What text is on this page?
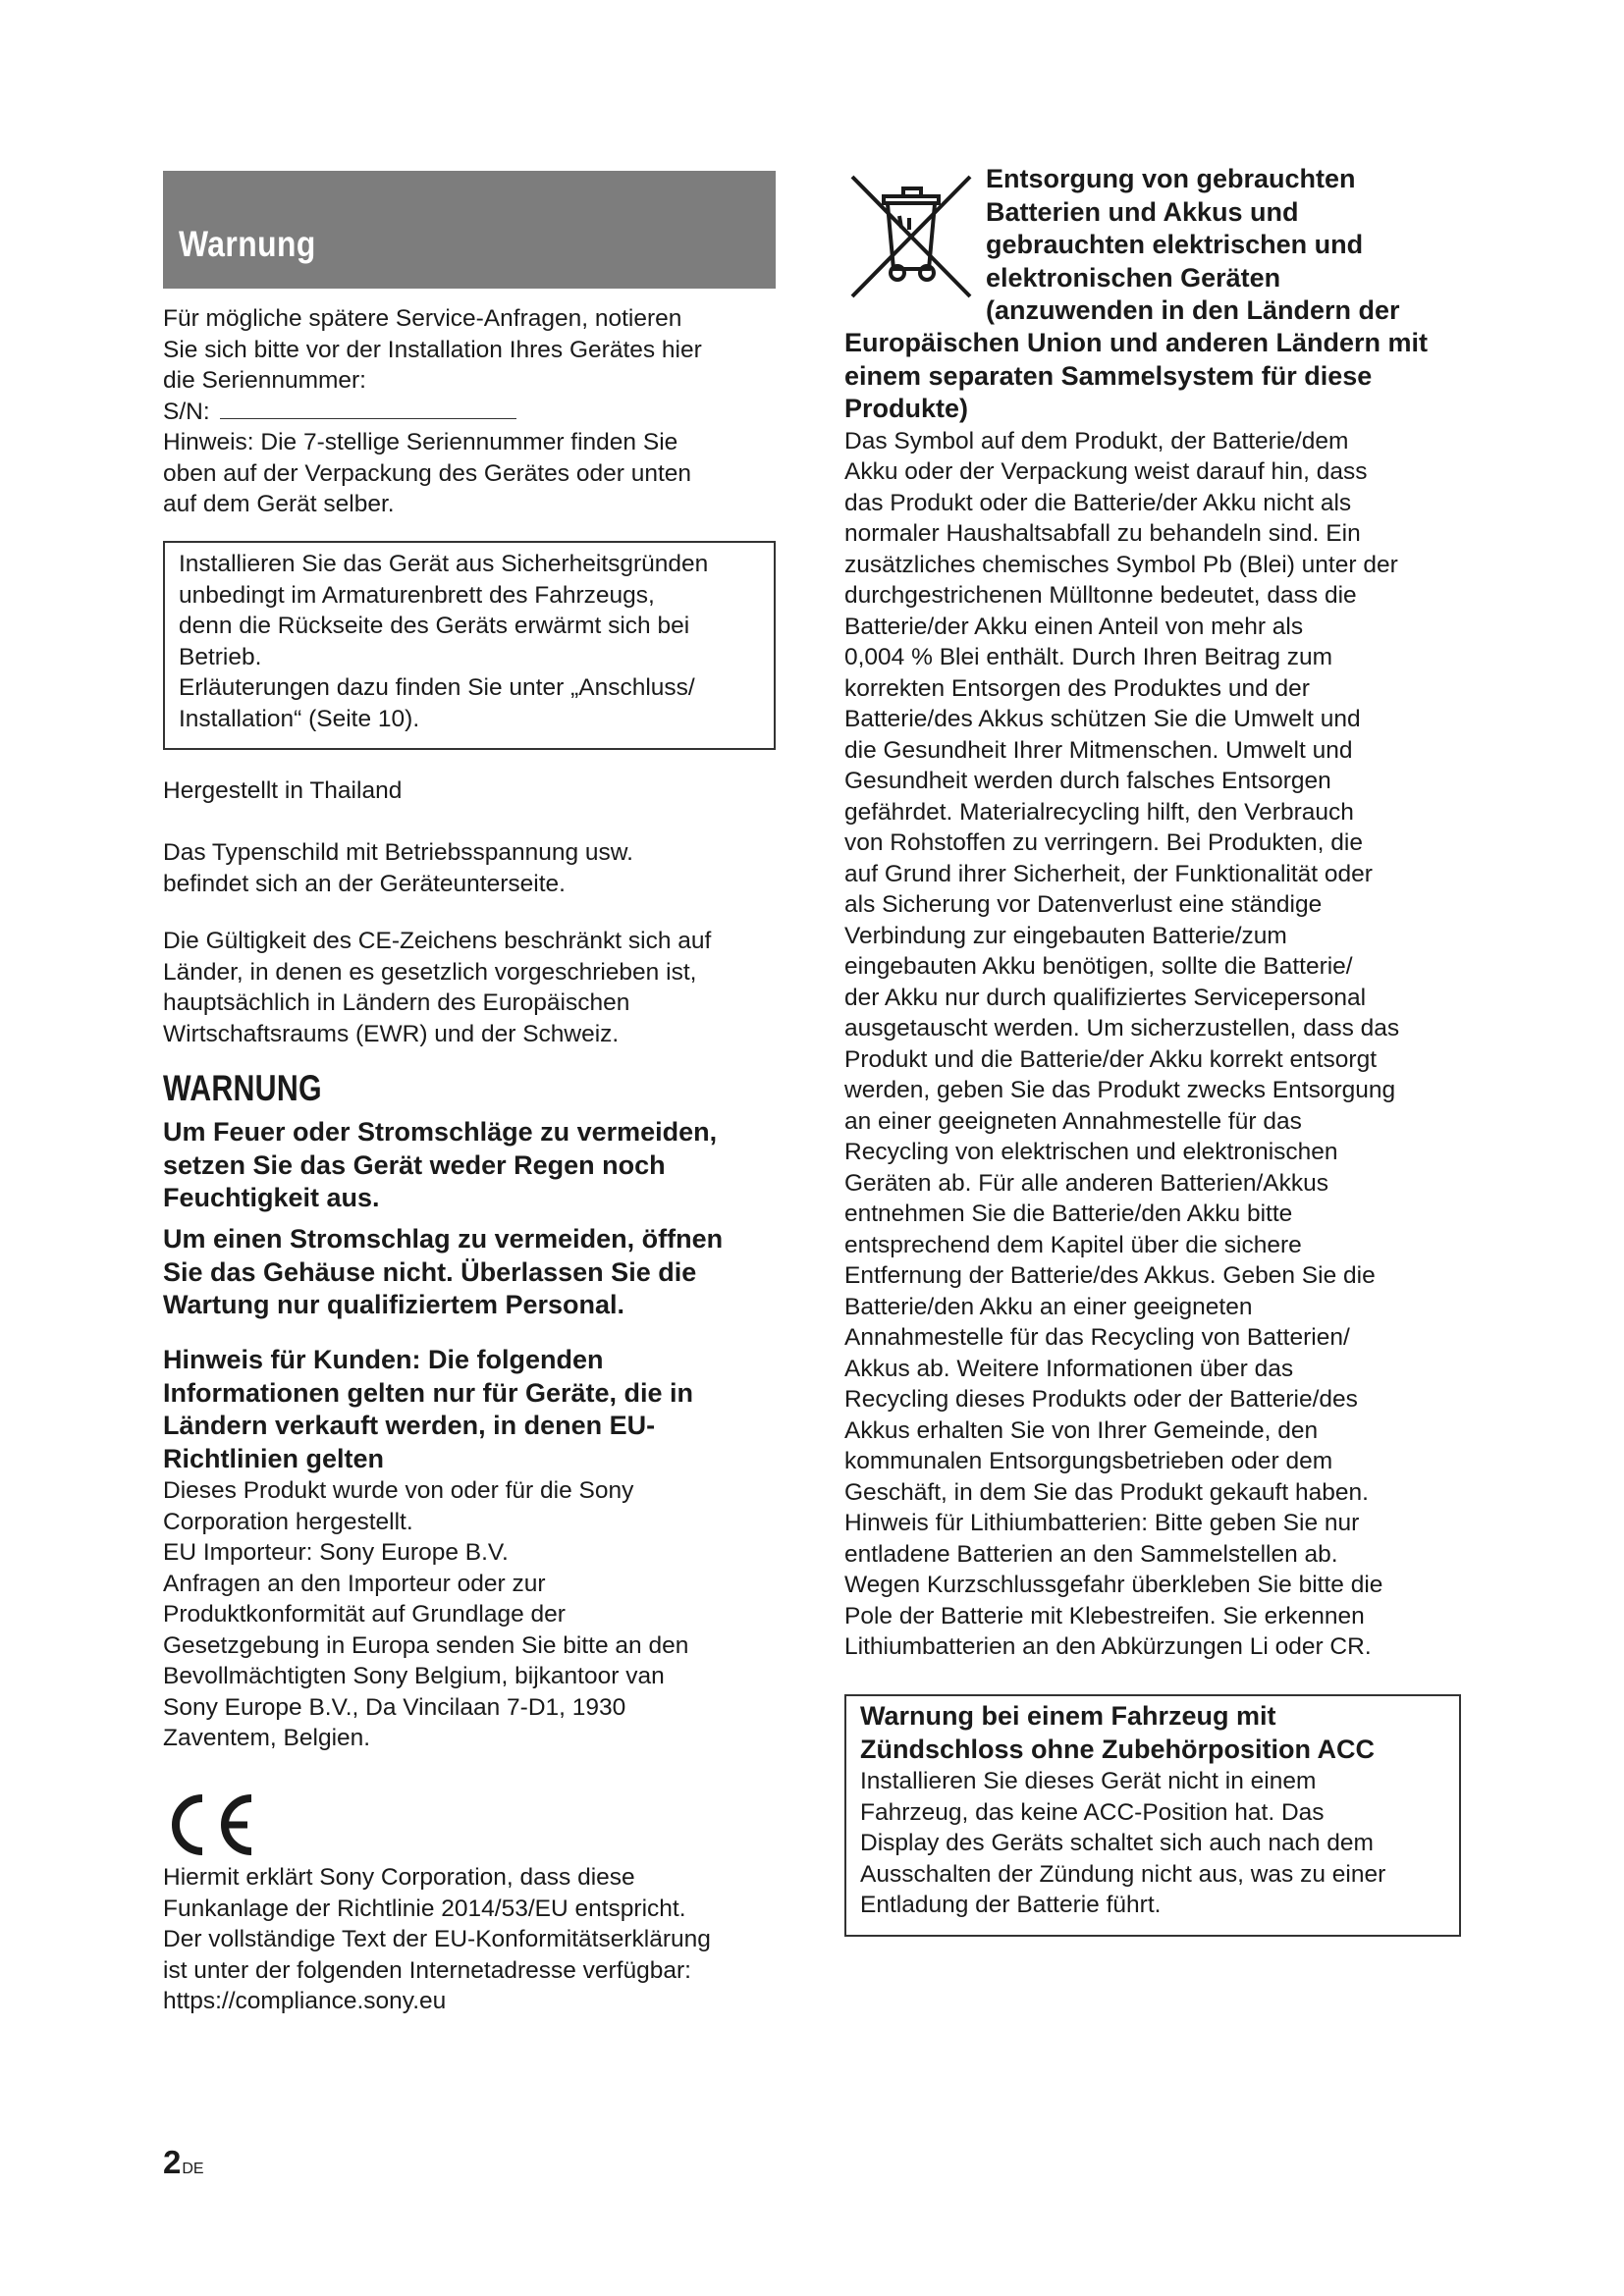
Warnung

Für mögliche spätere Service-Anfragen, notieren

Sie sich bitte vor der Installation Ihres Gerätes hier

die Seriennummer:

S/N:

Hinweis: Die 7-stellige Seriennummer finden Sie

oben auf der Verpackung des Gerätes oder unten

auf dem Gerät selber.

Installieren Sie das Gerät aus Sicherheitsgründen

unbedingt im Armaturenbrett des Fahrzeugs,

denn die Rückseite des Geräts erwärmt sich bei

Betrieb.

Erläuterungen dazu finden Sie unter „Anschluss/

Installation“ (Seite 10).

Hergestellt in Thailand

Das Typenschild mit Betriebsspannung usw.

befindet sich an der Geräteunterseite.

Die Gültigkeit des CE-Zeichens beschränkt sich auf

Länder, in denen es gesetzlich vorgeschrieben ist,

hauptsächlich in Ländern des Europäischen

Wirtschaftsraums (EWR) und der Schweiz.

WARNUNG

Um Feuer oder Stromschläge zu vermeiden,

setzen Sie das Gerät weder Regen noch

Feuchtigkeit aus.

Um einen Stromschlag zu vermeiden, öffnen

Sie das Gehäuse nicht. Überlassen Sie die

Wartung nur qualifiziertem Personal.

Hinweis für Kunden: Die folgenden

Informationen gelten nur für Geräte, die in

Ländern verkauft werden, in denen EU-

Richtlinien gelten

Dieses Produkt wurde von oder für die Sony

Corporation hergestellt.

EU Importeur: Sony Europe B.V.

Anfragen an den Importeur oder zur

Produktkonformität auf Grundlage der

Gesetzgebung in Europa senden Sie bitte an den

Bevollmächtigten Sony Belgium, bijkantoor van

Sony Europe B.V., Da Vincilaan 7-D1, 1930

Zaventem, Belgien.

Hiermit erklärt Sony Corporation, dass diese

Funkanlage der Richtlinie 2014/53/EU entspricht.

Der vollständige Text der EU-Konformitätserklärung

ist unter der folgenden Internetadresse verfügbar:

https://compliance.sony.eu

Entsorgung von gebrauchten

Batterien und Akkus und

gebrauchten elektrischen und

elektronischen Geräten

(anzuwenden in den Ländern der

Europäischen Union und anderen Ländern mit

einem separaten Sammelsystem für diese

Produkte)

Das Symbol auf dem Produkt, der Batterie/dem

Akku oder der Verpackung weist darauf hin, dass

das Produkt oder die Batterie/der Akku nicht als

normaler Haushaltsabfall zu behandeln sind. Ein

zusätzliches chemisches Symbol Pb (Blei) unter der

durchgestrichenen Mülltonne bedeutet, dass die

Batterie/der Akku einen Anteil von mehr als

0,004 % Blei enthält. Durch Ihren Beitrag zum

korrekten Entsorgen des Produktes und der

Batterie/des Akkus schützen Sie die Umwelt und

die Gesundheit Ihrer Mitmenschen. Umwelt und

Gesundheit werden durch falsches Entsorgen

gefährdet. Materialrecycling hilft, den Verbrauch

von Rohstoffen zu verringern. Bei Produkten, die

auf Grund ihrer Sicherheit, der Funktionalität oder

als Sicherung vor Datenverlust eine ständige

Verbindung zur eingebauten Batterie/zum

eingebauten Akku benötigen, sollte die Batterie/

der Akku nur durch qualifiziertes Servicepersonal

ausgetauscht werden. Um sicherzustellen, dass das

Produkt und die Batterie/der Akku korrekt entsorgt

werden, geben Sie das Produkt zwecks Entsorgung

an einer geeigneten Annahmestelle für das

Recycling von elektrischen und elektronischen

Geräten ab. Für alle anderen Batterien/Akkus

entnehmen Sie die Batterie/den Akku bitte

entsprechend dem Kapitel über die sichere

Entfernung der Batterie/des Akkus. Geben Sie die

Batterie/den Akku an einer geeigneten

Annahmestelle für das Recycling von Batterien/

Akkus ab. Weitere Informationen über das

Recycling dieses Produkts oder der Batterie/des

Akkus erhalten Sie von Ihrer Gemeinde, den

kommunalen Entsorgungsbetrieben oder dem

Geschäft, in dem Sie das Produkt gekauft haben.

Hinweis für Lithiumbatterien: Bitte geben Sie nur

entladene Batterien an den Sammelstellen ab.

Wegen Kurzschlussgefahr überkleben Sie bitte die

Pole der Batterie mit Klebestreifen. Sie erkennen

Lithiumbatterien an den Abkürzungen Li oder CR.

Warnung bei einem Fahrzeug mit

Zündschloss ohne Zubehörposition ACC

Installieren Sie dieses Gerät nicht in einem

Fahrzeug, das keine ACC-Position hat. Das

Display des Geräts schaltet sich auch nach dem

Ausschalten der Zündung nicht aus, was zu einer

Entladung der Batterie führt.

2DE
